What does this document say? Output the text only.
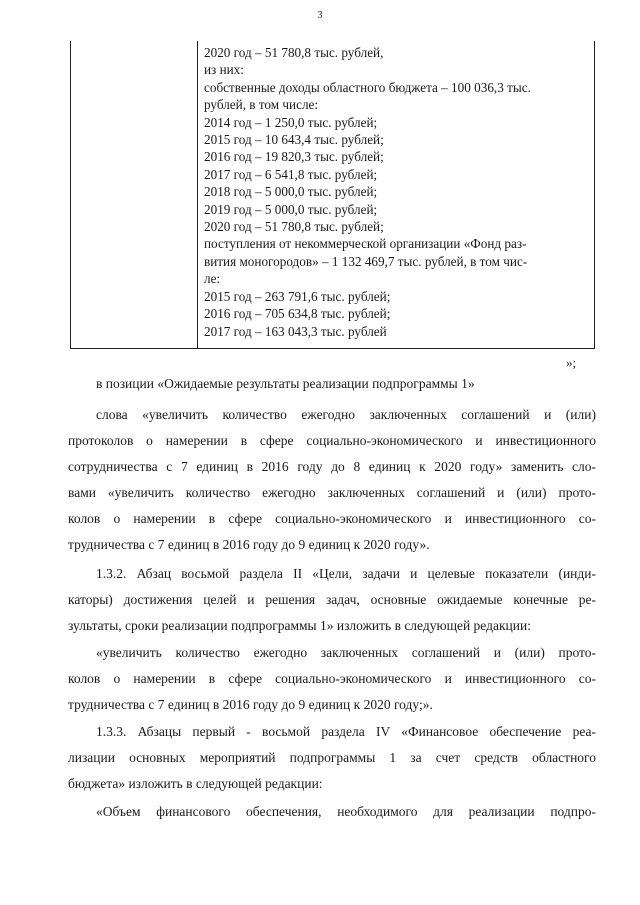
3
2020 год – 51 780,8 тыс. рублей,
из них:
собственные доходы областного бюджета – 100 036,3 тыс.
рублей, в том числе:
2014 год – 1 250,0 тыс. рублей;
2015 год – 10 643,4 тыс. рублей;
2016 год – 19 820,3 тыс. рублей;
2017 год – 6 541,8 тыс. рублей;
2018 год – 5 000,0 тыс. рублей;
2019 год – 5 000,0 тыс. рублей;
2020 год – 51 780,8 тыс. рублей;
поступления от некоммерческой организации «Фонд раз-
вития моногородов» – 1 132 469,7 тыс. рублей, в том чис-
ле:
2015 год – 263 791,6 тыс. рублей;
2016 год – 705 634,8 тыс. рублей;
2017 год – 163 043,3 тыс. рублей
»;
в позиции «Ожидаемые результаты реализации подпрограммы 1»
слова «увеличить количество ежегодно заключенных соглашений и (или)
протоколов о намерении в сфере социально-экономического и инвестиционного
сотрудничества с 7 единиц в 2016 году до 8 единиц к 2020 году» заменить сло-
вами «увеличить количество ежегодно заключенных соглашений и (или) прото-
колов о намерении в сфере социально-экономического и инвестиционного со-
трудничества с 7 единиц в 2016 году до 9 единиц к 2020 году».
1.3.2. Абзац восьмой раздела II «Цели, задачи и целевые показатели (инди-
каторы) достижения целей и решения задач, основные ожидаемые конечные ре-
зультаты, сроки реализации подпрограммы 1» изложить в следующей редакции:
«увеличить количество ежегодно заключенных соглашений и (или) прото-
колов о намерении в сфере социально-экономического и инвестиционного со-
трудничества с 7 единиц в 2016 году до 9 единиц к 2020 году;».
1.3.3. Абзацы первый - восьмой раздела IV «Финансовое обеспечение реа-
лизации основных мероприятий подпрограммы 1 за счет средств областного
бюджета» изложить в следующей редакции:
«Объем финансового обеспечения, необходимого для реализации подпро-
